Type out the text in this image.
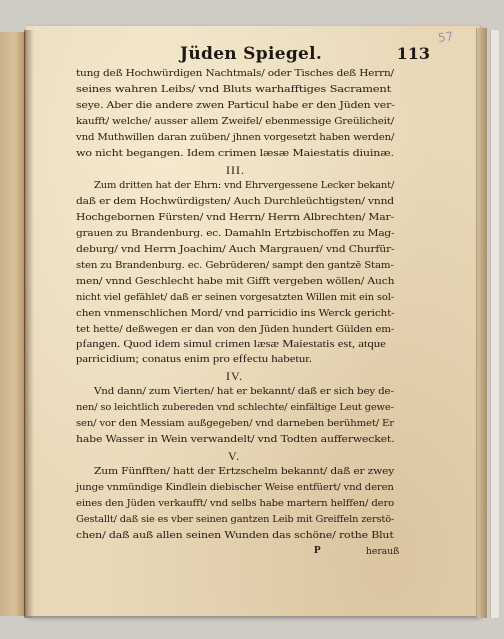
57
Jüden Spiegel.	113
tung deß Hochwürdigen Nachtmals/ oder Tisches deß Herrn/
seines wahren Leibs/ vnd Bluts warhafftiges Sacrament
seye. Aber die andere zwen Particul habe er den Jüden ver-
kaufft/ welche/ ausser allem Zweifel/ ebenmessige Greülicheit/
vnd Muthwillen daran zuüben/ jhnen vorgesetzt haben werden/
wo nicht begangen. Idem crimen læsæ Maiestatis diuinæ.
III.
Zum dritten hat der Ehrn: vnd Ehrvergessene Lecker bekant/
daß er dem Hochwürdigsten/ Auch Durchleüchtigsten/ vnnd
Hochgebornen Fürsten/ vnd Herrn/ Herrn Albrechten/ Mar-
grauen zu Brandenburg. ec. Damahln Ertzbischoffen zu Mag-
deburg/ vnd Herrn Joachim/ Auch Margrauen/ vnd Churfür-
sten zu Brandenburg. ec. Gebrüderen/ sampt den gantzē Stam-
men/ vnnd Geschlecht habe mit Gifft vergeben wöllen/ Auch
nicht viel gefählet/ daß er seinen vorgesatzten Willen mit ein sol-
chen vnmenschlichen Mord/ vnd parricidio ins Werck gericht-
tet hette/ deßwegen er dan von den Jüden hundert Gülden em-
pfangen. Quod idem simul crimen læsæ Maiestatis est, atque
parricidium; conatus enim pro effectu habetur.
IV.
Vnd dann/ zum Vierten/ hat er bekannt/ daß er sich bey de-
nen/ so leichtlich zubereden vnd schlechte/ einfältige Leut gewe-
sen/ vor den Messiam außgegeben/ vnd darneben berühmet/ Er
habe Wasser in Wein verwandelt/ vnd Todten aufferwecket.
V.
Zum Fünfften/ hatt der Ertzschelm bekannt/ daß er zwey
junge vnmündige Kindlein diebischer Weise entfüert/ vnd deren
eines den Jüden verkaufft/ vnd selbs habe martern helffen/ dero
Gestallt/ daß sie es vber seinen gantzen Leib mit Greiffeln zerstö-
chen/ daß auß allen seinen Wunden das schöne/ rothe Blut
P	herauß
